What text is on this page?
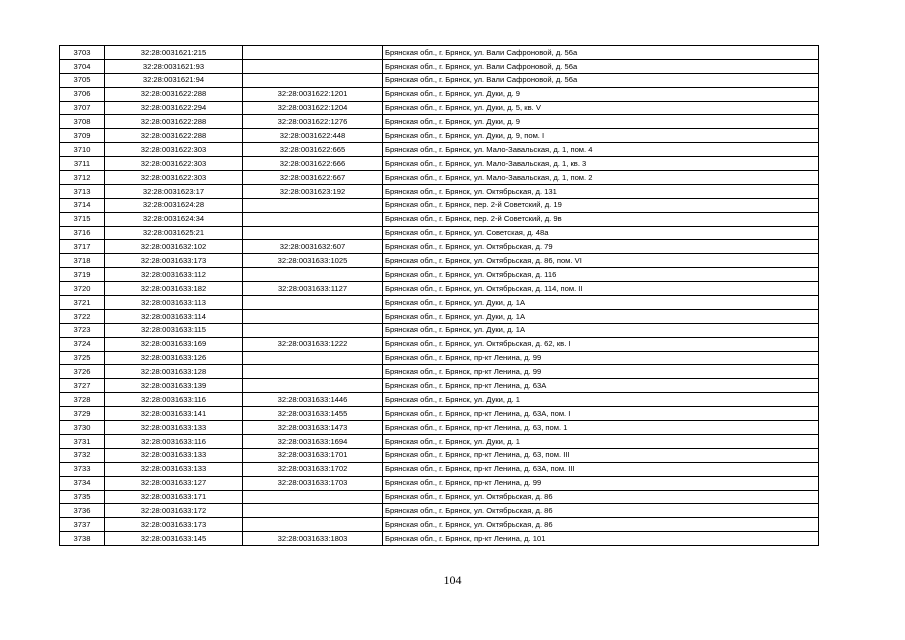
3703	32:28:0031621:215		Брянская обл., г. Брянск, ул. Вали Сафроновой, д. 56а
3704	32:28:0031621:93		Брянская обл., г. Брянск, ул. Вали Сафроновой, д. 56а
3705	32:28:0031621:94		Брянская обл., г. Брянск, ул. Вали Сафроновой, д. 56а
3706	32:28:0031622:288	32:28:0031622:1201	Брянская обл., г. Брянск, ул. Дуки, д. 9
3707	32:28:0031622:294	32:28:0031622:1204	Брянская обл., г. Брянск, ул. Дуки, д. 5, кв. V
3708	32:28:0031622:288	32:28:0031622:1276	Брянская обл., г. Брянск, ул. Дуки, д. 9
3709	32:28:0031622:288	32:28:0031622:448	Брянская обл., г. Брянск, ул. Дуки, д. 9, пом. I
3710	32:28:0031622:303	32:28:0031622:665	Брянская обл., г. Брянск, ул. Мало-Завальская, д. 1, пом. 4
3711	32:28:0031622:303	32:28:0031622:666	Брянская обл., г. Брянск, ул. Мало-Завальская, д. 1, кв. 3
3712	32:28:0031622:303	32:28:0031622:667	Брянская обл., г. Брянск, ул. Мало-Завальская, д. 1, пом. 2
3713	32:28:0031623:17	32:28:0031623:192	Брянская обл., г. Брянск, ул. Октябрьская, д. 131
3714	32:28:0031624:28		Брянская обл., г. Брянск, пер. 2-й Советский, д. 19
3715	32:28:0031624:34		Брянская обл., г. Брянск, пер. 2-й Советский, д. 9в
3716	32:28:0031625:21		Брянская обл., г. Брянск, ул. Советская, д. 48а
3717	32:28:0031632:102	32:28:0031632:607	Брянская обл., г. Брянск, ул. Октябрьская, д. 79
3718	32:28:0031633:173	32:28:0031633:1025	Брянская обл., г. Брянск, ул. Октябрьская, д. 86, пом. VI
3719	32:28:0031633:112		Брянская обл., г. Брянск, ул. Октябрьская, д. 116
3720	32:28:0031633:182	32:28:0031633:1127	Брянская обл., г. Брянск, ул. Октябрьская, д. 114, пом. II
3721	32:28:0031633:113		Брянская обл., г. Брянск, ул. Дуки, д. 1А
3722	32:28:0031633:114		Брянская обл., г. Брянск, ул. Дуки, д. 1А
3723	32:28:0031633:115		Брянская обл., г. Брянск, ул. Дуки, д. 1А
3724	32:28:0031633:169	32:28:0031633:1222	Брянская обл., г. Брянск, ул. Октябрьская, д. 62, кв. I
3725	32:28:0031633:126		Брянская обл., г. Брянск, пр-кт Ленина, д. 99
3726	32:28:0031633:128		Брянская обл., г. Брянск, пр-кт Ленина, д. 99
3727	32:28:0031633:139		Брянская обл., г. Брянск, пр-кт Ленина, д. 63А
3728	32:28:0031633:116	32:28:0031633:1446	Брянская обл., г. Брянск, ул. Дуки, д. 1
3729	32:28:0031633:141	32:28:0031633:1455	Брянская обл., г. Брянск, пр-кт Ленина, д. 63А, пом. I
3730	32:28:0031633:133	32:28:0031633:1473	Брянская обл., г. Брянск, пр-кт Ленина, д. 63, пом. 1
3731	32:28:0031633:116	32:28:0031633:1694	Брянская обл., г. Брянск, ул. Дуки, д. 1
3732	32:28:0031633:133	32:28:0031633:1701	Брянская обл., г. Брянск, пр-кт Ленина, д. 63, пом. III
3733	32:28:0031633:133	32:28:0031633:1702	Брянская обл., г. Брянск, пр-кт Ленина, д. 63А, пом. III
3734	32:28:0031633:127	32:28:0031633:1703	Брянская обл., г. Брянск, пр-кт Ленина, д. 99
3735	32:28:0031633:171		Брянская обл., г. Брянск, ул. Октябрьская, д. 86
3736	32:28:0031633:172		Брянская обл., г. Брянск, ул. Октябрьская, д. 86
3737	32:28:0031633:173		Брянская обл., г. Брянск, ул. Октябрьская, д. 86
3738	32:28:0031633:145	32:28:0031633:1803	Брянская обл., г. Брянск, пр-кт Ленина, д. 101
104
